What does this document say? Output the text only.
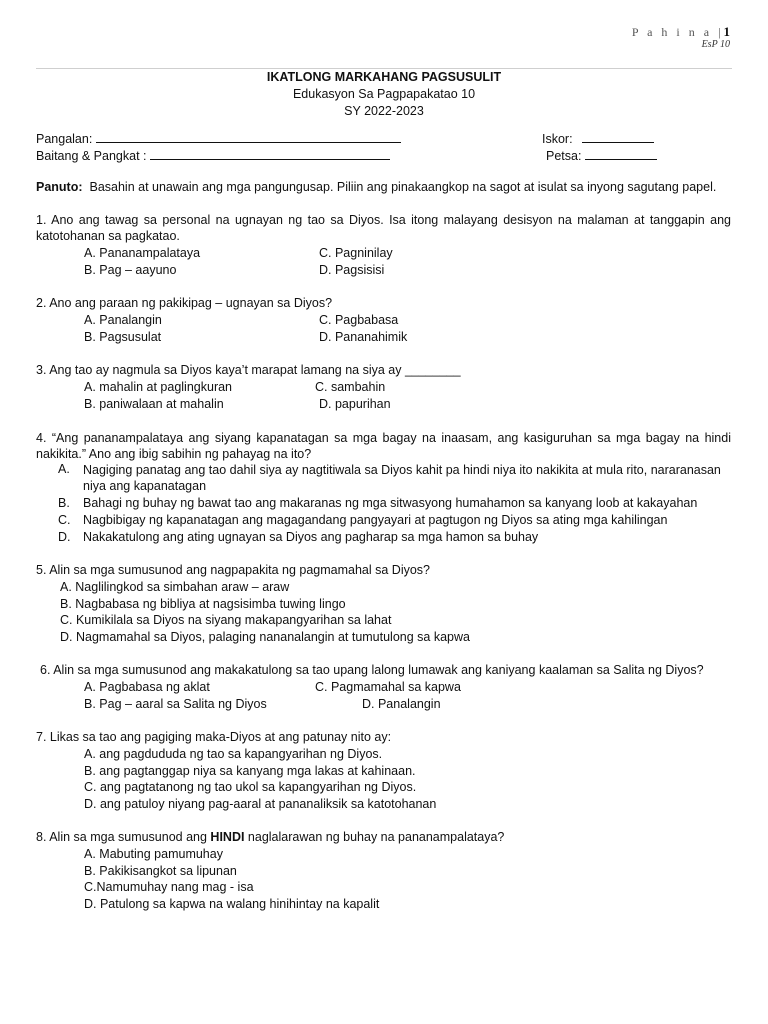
P a h i n a |1
EsP 10
IKATLONG MARKAHANG PAGSUSULIT
Edukasyon Sa Pagpapakatao 10
SY 2022-2023
Pangalan:	Iskor:
Baitang & Pangkat :	Petsa:
Panuto: Basahin at unawain ang mga pangungusap. Piliin ang pinakaangkop na sagot at isulat sa inyong sagutang papel.
1. Ano ang tawag sa personal na ugnayan ng tao sa Diyos. Isa itong malayang desisyon na malaman at tanggapin ang katotohanan sa pagkatao.
A. Pananampalataya	C. Pagninilay
B. Pag – aayuno	D. Pagsisisi
2. Ano ang paraan ng pakikipag – ugnayan sa Diyos?
A. Panalangin	C. Pagbabasa
B. Pagsusulat	D. Pananahimik
3. Ang tao ay nagmula sa Diyos kaya’t marapat lamang na siya ay ________
A. mahalin at paglingkuran	C. sambahin
B. paniwalaan at mahalin	D. papurihan
4. “Ang pananampalataya ang siyang kapanatagan sa mga bagay na inaasam, ang kasiguruhan sa mga bagay na hindi nakikita.” Ano ang ibig sabihin ng pahayag na ito?
A. Nagiging panatag ang tao dahil siya ay nagtitiwala sa Diyos kahit pa hindi niya ito nakikita at mula rito, nararanasan niya ang kapanatagan
B. Bahagi ng buhay ng bawat tao ang makaranas ng mga sitwasyong humahamon sa kanyang loob at kakayahan
C. Nagbibigay ng kapanatagan ang magagandang pangyayari at pagtugon ng Diyos sa ating mga kahilingan
D. Nakakatulong ang ating ugnayan sa Diyos ang pagharap sa mga hamon sa buhay
5. Alin sa mga sumusunod ang nagpapakita ng pagmamahal sa Diyos?
A. Naglilingkod sa simbahan araw – araw
B. Nagbabasa ng bibliya at nagsisimba tuwing lingo
C. Kumikilala sa Diyos na siyang makapangyarihan sa lahat
D. Nagmamahal sa Diyos, palaging nananalangin at tumutulong sa kapwa
6. Alin sa mga sumusunod ang makakatulong sa tao upang lalong lumawak ang kaniyang kaalaman sa Salita ng Diyos?
A. Pagbabasa ng aklat	C. Pagmamahal sa kapwa
B. Pag – aaral sa Salita ng Diyos	D. Panalangin
7. Likas sa tao ang pagiging maka-Diyos at ang patunay nito ay:
A. ang pagdududa ng tao sa kapangyarihan ng Diyos.
B. ang pagtanggap niya sa kanyang mga lakas at kahinaan.
C. ang pagtatanong ng tao ukol sa kapangyarihan ng Diyos.
D. ang patuloy niyang pag-aaral at pananaliksik sa katotohanan
8. Alin sa mga sumusunod ang HINDI naglalarawan ng buhay na pananampalataya?
A. Mabuting pamumuhay
B. Pakikisangkot sa lipunan
C.Namumuhay nang mag - isa
D. Patulong sa kapwa na walang hinihintay na kapalit
